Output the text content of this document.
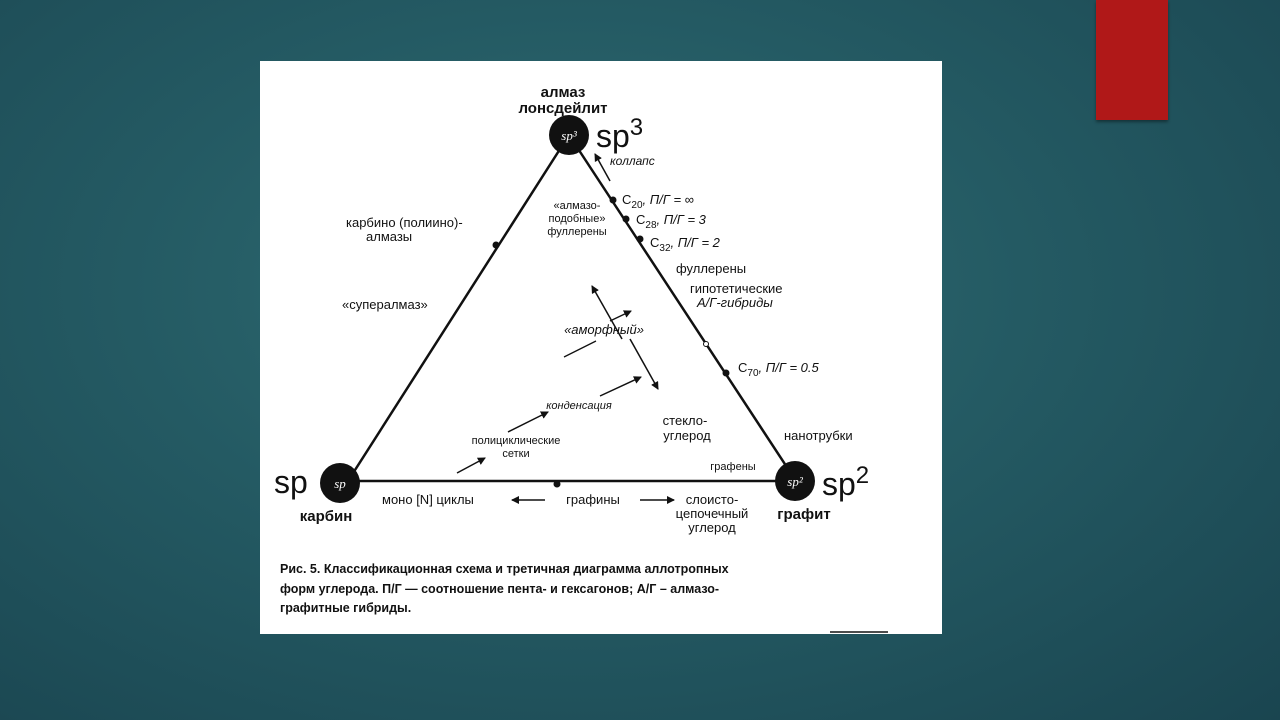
sp³
sp	sp²
$sp^3$
sp	$sp^2$
алмаз
лонсдейлит
карбин	графит
коллапс
$C_{20}$, П/Г = ∞
$C_{28}$, П/Г = 3
$C_{32}$, П/Г = 2
$C_{70}$, П/Г = 0.5
«алмазо-
подобные»
фуллерены
фуллерены
гипотетические
А/Г-гибриды
карбино (полиино)-
алмазы
«супералмаз»
«аморфный»
конденсация
полициклические
сетки
стекло-
углерод	нанотрубки
графены
моно [N] циклы	графины	слоисто-
цепочечный
углерод
Рис. 5. Классификационная схема и третичная диаграмма аллотропных
форм углерода. П/Г — соотношение пента- и гексагонов; А/Г – алмазо-
графитные гибриды.
